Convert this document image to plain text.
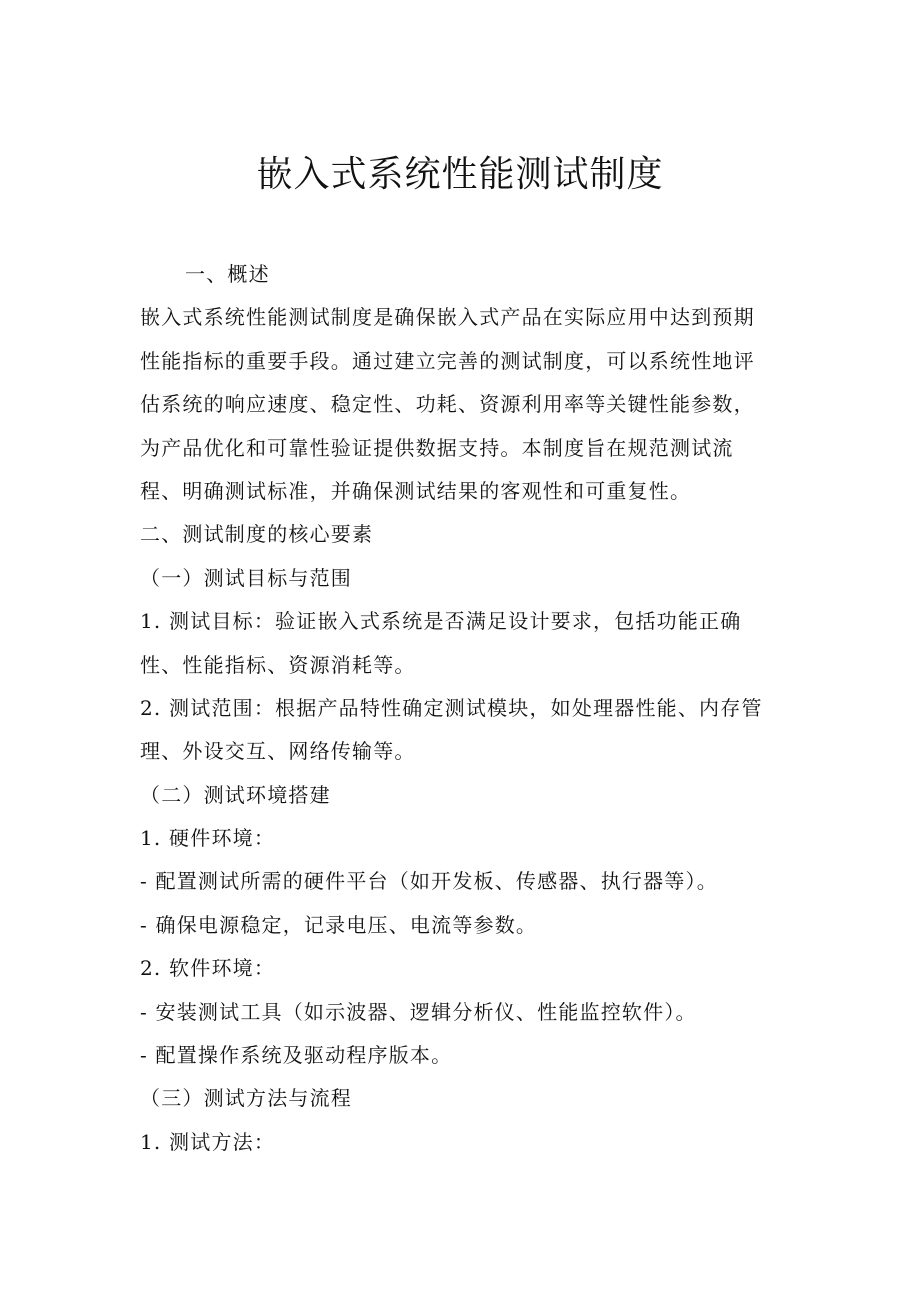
嵌入式系统性能测试制度
一、概述
嵌入式系统性能测试制度是确保嵌入式产品在实际应用中达到预期
性能指标的重要手段。通过建立完善的测试制度，可以系统性地评
估系统的响应速度、稳定性、功耗、资源利用率等关键性能参数，
为产品优化和可靠性验证提供数据支持。本制度旨在规范测试流
程、明确测试标准，并确保测试结果的客观性和可重复性。
二、测试制度的核心要素
（一）测试目标与范围
1. 测试目标：验证嵌入式系统是否满足设计要求，包括功能正确
性、性能指标、资源消耗等。
2. 测试范围：根据产品特性确定测试模块，如处理器性能、内存管
理、外设交互、网络传输等。
（二）测试环境搭建
1. 硬件环境：
- 配置测试所需的硬件平台（如开发板、传感器、执行器等）。
- 确保电源稳定，记录电压、电流等参数。
2. 软件环境：
- 安装测试工具（如示波器、逻辑分析仪、性能监控软件）。
- 配置操作系统及驱动程序版本。
（三）测试方法与流程
1. 测试方法：
